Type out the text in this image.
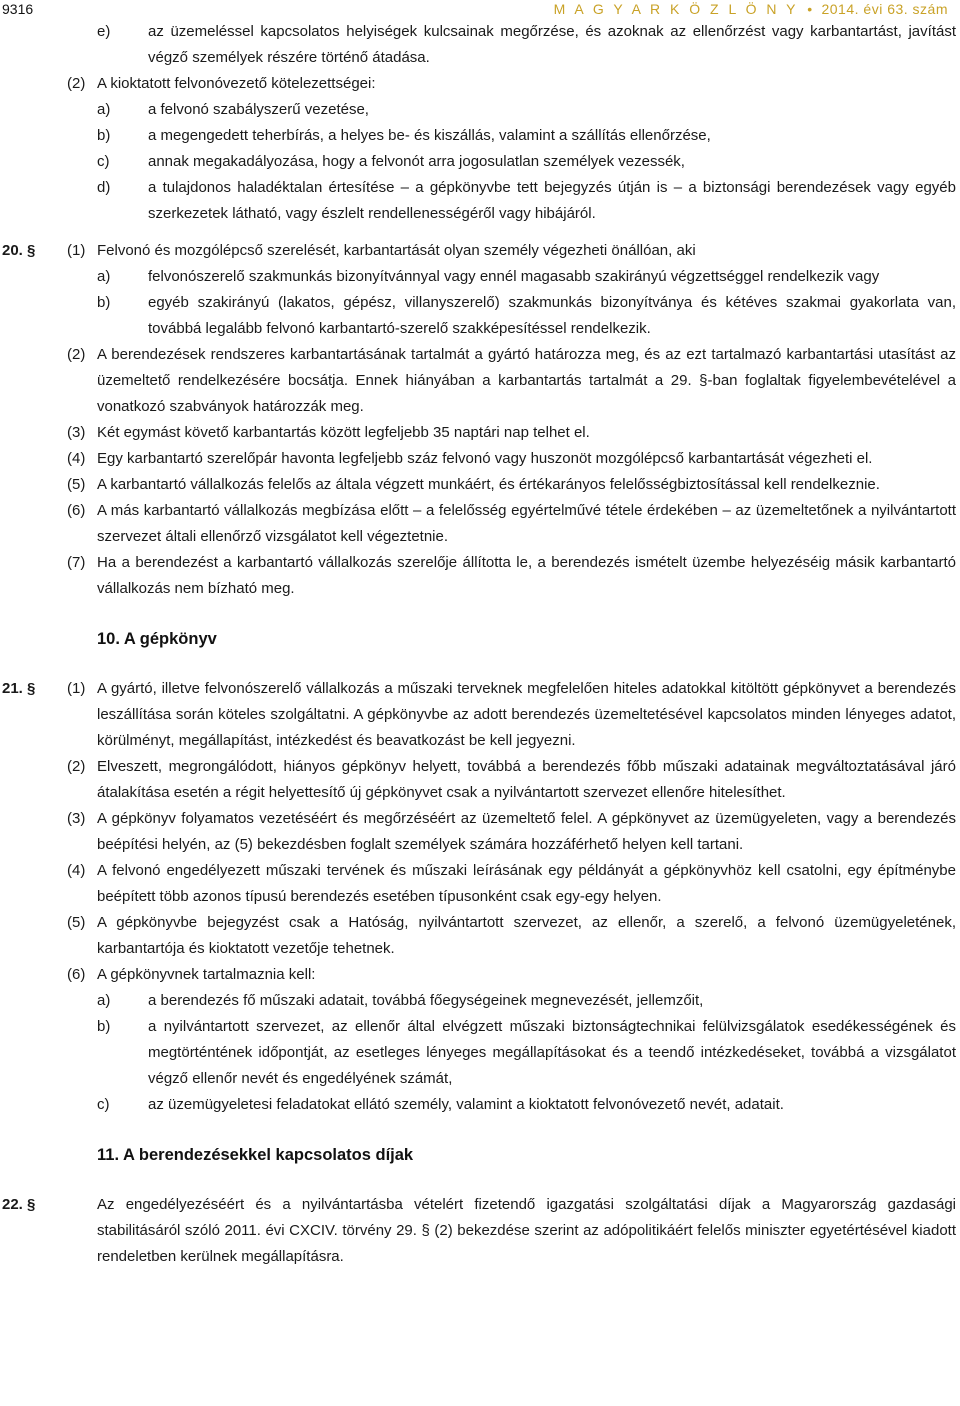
9316	M A G Y A R K Ö Z L Ö N Y  •  2014. évi 63. szám
e)	az üzemeléssel kapcsolatos helyiségek kulcsainak megőrzése, és azoknak az ellenőrzést vagy karbantartást, javítást végző személyek részére történő átadása.
(2) A kioktatott felvonóvezető kötelezettségei:
a)	a felvonó szabályszerű vezetése,
b)	a megengedett teherbírás, a helyes be- és kiszállás, valamint a szállítás ellenőrzése,
c)	annak megakadályozása, hogy a felvonót arra jogosulatlan személyek vezessék,
d)	a tulajdonos haladéktalan értesítése – a gépkönyvbe tett bejegyzés útján is – a biztonsági berendezések vagy egyéb szerkezetek látható, vagy észlelt rendellenességéről vagy hibájáról.
20. § (1) Felvonó és mozgólépcső szerelését, karbantartását olyan személy végezheti önállóan, aki
a)	felvonószerelő szakmunkás bizonyítvánnyal vagy ennél magasabb szakirányú végzettséggel rendelkezik vagy
b)	egyéb szakirányú (lakatos, gépész, villanyszerelő) szakmunkás bizonyítványa és kétéves szakmai gyakorlata van, továbbá legalább felvonó karbantartó-szerelő szakképesítéssel rendelkezik.
(2) A berendezések rendszeres karbantartásának tartalmát a gyártó határozza meg, és az ezt tartalmazó karbantartási utasítást az üzemeltető rendelkezésére bocsátja. Ennek hiányában a karbantartás tartalmát a 29. §-ban foglaltak figyelembevételével a vonatkozó szabványok határozzák meg.
(3) Két egymást követő karbantartás között legfeljebb 35 naptári nap telhet el.
(4) Egy karbantartó szerelőpár havonta legfeljebb száz felvonó vagy huszonöt mozgólépcső karbantartását végezheti el.
(5) A karbantartó vállalkozás felelős az általa végzett munkáért, és értékarányos felelősségbiztosítással kell rendelkeznie.
(6) A más karbantartó vállalkozás megbízása előtt – a felelősség egyértelművé tétele érdekében – az üzemeltetőnek a nyilvántartott szervezet általi ellenőrző vizsgálatot kell végeztetnie.
(7) Ha a berendezést a karbantartó vállalkozás szerelője állította le, a berendezés ismételt üzembe helyezéséig másik karbantartó vállalkozás nem bízható meg.
10. A gépkönyv
21. § (1) A gyártó, illetve felvonószerelő vállalkozás a műszaki terveknek megfelelően hiteles adatokkal kitöltött gépkönyvet a berendezés leszállítása során köteles szolgáltatni. A gépkönyvbe az adott berendezés üzemeltetésével kapcsolatos minden lényeges adatot, körülményt, megállapítást, intézkedést és beavatkozást be kell jegyezni.
(2) Elveszett, megrongálódott, hiányos gépkönyv helyett, továbbá a berendezés főbb műszaki adatainak megváltoztatásával járó átalakítása esetén a régit helyettesítő új gépkönyvet csak a nyilvántartott szervezet ellenőre hitelesíthet.
(3) A gépkönyv folyamatos vezetéséért és megőrzéséért az üzemeltető felel. A gépkönyvet az üzemügyeleten, vagy a berendezés beépítési helyén, az (5) bekezdésben foglalt személyek számára hozzáférhető helyen kell tartani.
(4) A felvonó engedélyezett műszaki tervének és műszaki leírásának egy példányát a gépkönyvhöz kell csatolni, egy építménybe beépített több azonos típusú berendezés esetében típusonként csak egy-egy helyen.
(5) A gépkönyvbe bejegyzést csak a Hatóság, nyilvántartott szervezet, az ellenőr, a szerelő, a felvonó üzemügyeletének, karbantartója és kioktatott vezetője tehetnek.
(6) A gépkönyvnek tartalmaznia kell:
a)	a berendezés fő műszaki adatait, továbbá főegységeinek megnevezését, jellemzőit,
b)	a nyilvántartott szervezet, az ellenőr által elvégzett műszaki biztonságtechnikai felülvizsgálatok esedékességének és megtörténtének időpontját, az esetleges lényeges megállapításokat és a teendő intézkedéseket, továbbá a vizsgálatot végző ellenőr nevét és engedélyének számát,
c)	az üzemügyeletesi feladatokat ellátó személy, valamint a kioktatott felvonóvezető nevét, adatait.
11. A berendezésekkel kapcsolatos díjak
22. §	Az engedélyezéséért és a nyilvántartásba vételért fizetendő igazgatási szolgáltatási díjak a Magyarország gazdasági stabilitásáról szóló 2011. évi CXCIV. törvény 29. § (2) bekezdése szerint az adópolitikáért felelős miniszter egyetértésével kiadott rendeletben kerülnek megállapításra.
